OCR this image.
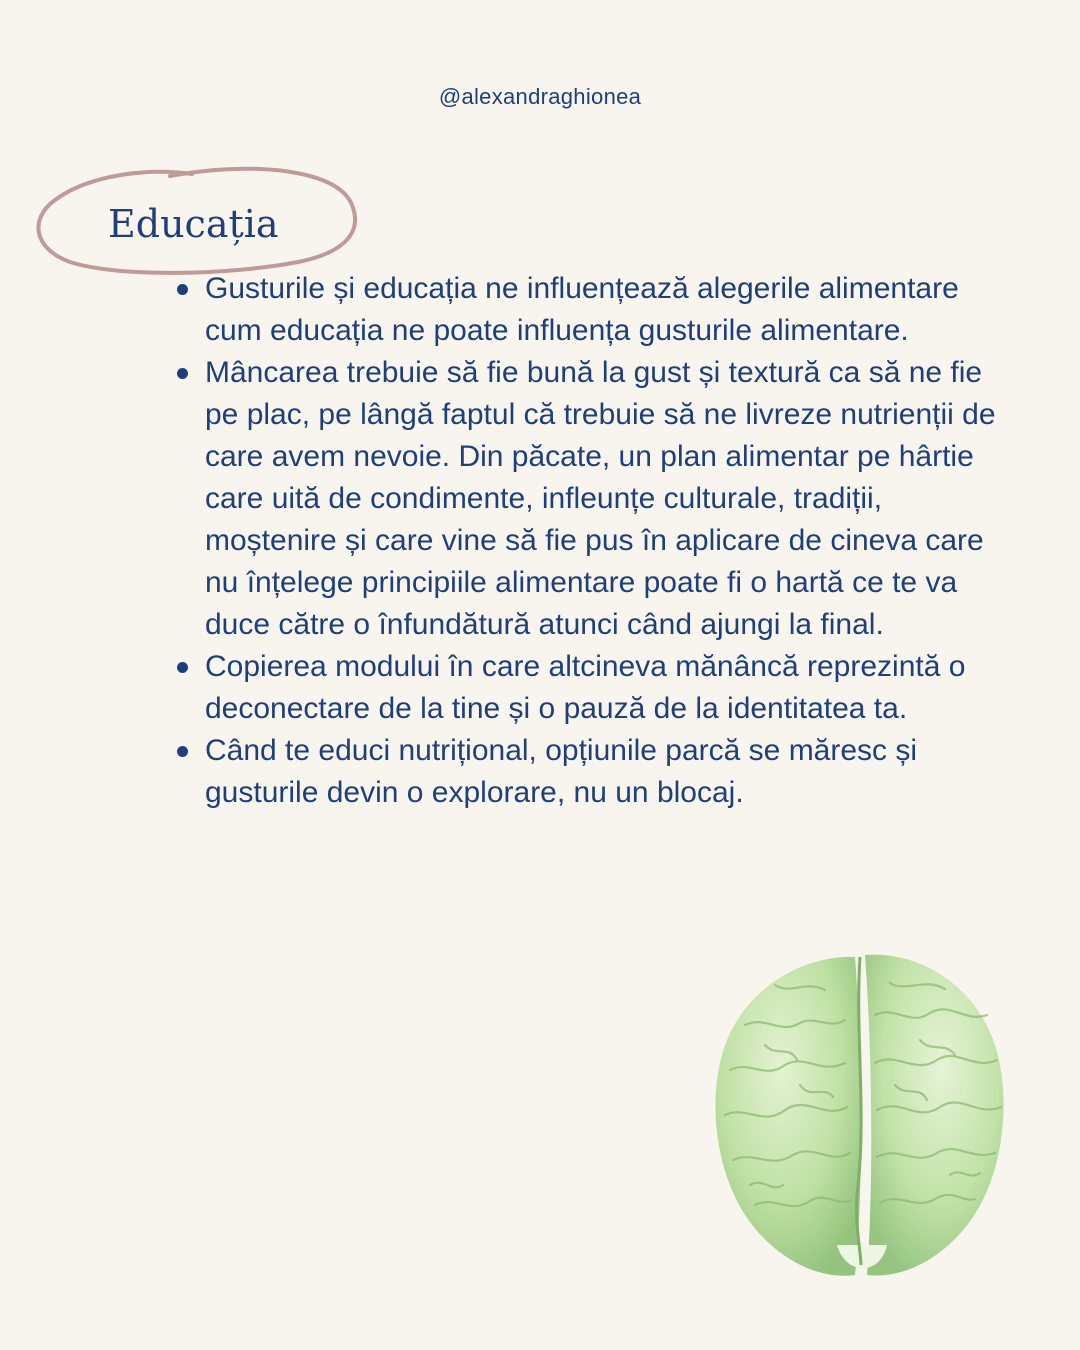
@alexandraghionea
Educația
Gusturile și educația ne influențează alegerile alimentare cum educația ne poate influența gusturile alimentare.
Mâncarea trebuie să fie bună la gust și textură ca să ne fie pe plac, pe lângă faptul că trebuie să ne livreze nutrienții de care avem nevoie. Din păcate, un plan alimentar pe hârtie care uită de condimente, infleunțe culturale, tradiții, moștenire și care vine să fie pus în aplicare de cineva care nu înțelege principiile alimentare poate fi o hartă ce te va duce către o înfundătură atunci când ajungi la final.
Copierea modului în care altcineva mănâncă reprezintă o deconectare de la tine și o pauză de la identitatea ta.
Când te educi nutrițional, opțiunile parcă se măresc și gusturile devin o explorare, nu un blocaj.
